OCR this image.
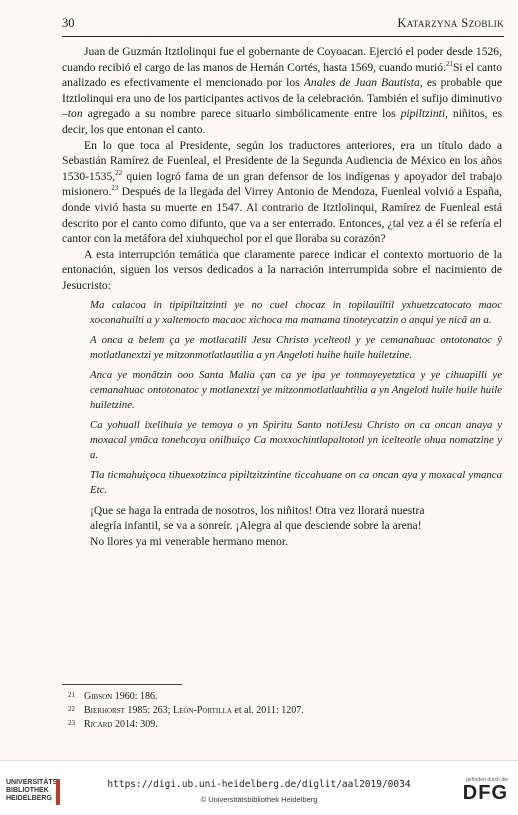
30	Katarzyna Szoblik

Juan de Guzmán Itztlolinqui fue el gobernante de Coyoacan. Ejerció el poder desde 1526, cuando recibió el cargo de las manos de Hernán Cortés, hasta 1569, cuando murió.$^{21}$Si el canto analizado es efectivamente el mencionado por los Anales de Juan Bautista, es probable que Itztlolinqui era uno de los participantes activos de la celebración. También el sufijo diminutivo –ton agregado a su nombre parece situarlo simbólicamente entre los pipiltzinti, niñitos, es decir, los que entonan el canto.

En lo que toca al Presidente, según los traductores anteriores, era un título dado a Sebastián Ramírez de Fuenleal, el Presidente de la Segunda Audiencia de México en los años 1530-1535,22 quien logró fama de un gran defensor de los indígenas y apoyador del trabajo misionero.$^{23}$ Después de la llegada del Virrey Antonio de Mendoza, Fuenleal volvió a España, donde vivió hasta su muerte en 1547. Al contrario de Itztlolinqui, Ramírez de Fuenleal está descrito por el canto como difunto, que va a ser enterrado. Entonces, ¿tal vez a él se refería el cantor con la metáfora del xiuhquechol por el que lloraba su corazón?

A esta interrupción temática que claramente parece indicar el contexto mortuorio de la entonación, siguen los versos dedicados a la narración interrumpida sobre el nacimiento de Jesucristo:

Ma calacoa in tipipiltzitzinti ye no cuel chocaz in topilauiltil yxhuetzcatocato maoc xoconahuilti a y xaltemocto macaoc xichoca ma mamama tinoteycatzin o anqui ye nicã an a.

A onca a belem ça ye motlacatili Jesu Christo ycelteotl y ye cemanahuac ontotonatoc ŷ motlatlanextzi ye mitzonmotlatlautilia a yn Angeloti huihe huile huiletzine.

Anca ye monãtzin ooo Santa Malia çan ca ye ipa ye tonmoyeyetztica y ye cihuapilli ye cemanahuac ontotonatoc y motlanextzi ye mitzonmotlatlauhtilia a yn Angeloti huile huile huile huiletzine.

Ca yohuall ixelihuia ye temoya o yn Spiritu Santo notiJesu Christo on ca oncan anaya y moxacal ymãca tonehcoya onilhuiço Ca moxxochintlapaltototl yn icelteotle ohua nomatzine y a.

Tla ticmahuiçoca tihuexotzinca pipiltzitzintine ticcahuane on ca oncan aya y moxacal ymanca Etc.

¡Que se haga la entrada de nosotros, los niñitos! Otra vez llorará nuestra

alegría infantil, se va a sonreír. ¡Alegra al que desciende sobre la arena!

No llores ya mi venerable hermano menor.

21 Gibson 1960: 186.
22 Bierhorst 1985: 263; León-Portilla et al. 2011: 1207.
23 Ricard 2014: 309.
UNIVERSITÄTS-
BIBLIOTHEK
HEIDELBERG
https://digi.ub.uni-heidelberg.de/diglit/aal2019/0034
© Universitätsbibliothek Heidelberg
gefördert durch die
DFG
